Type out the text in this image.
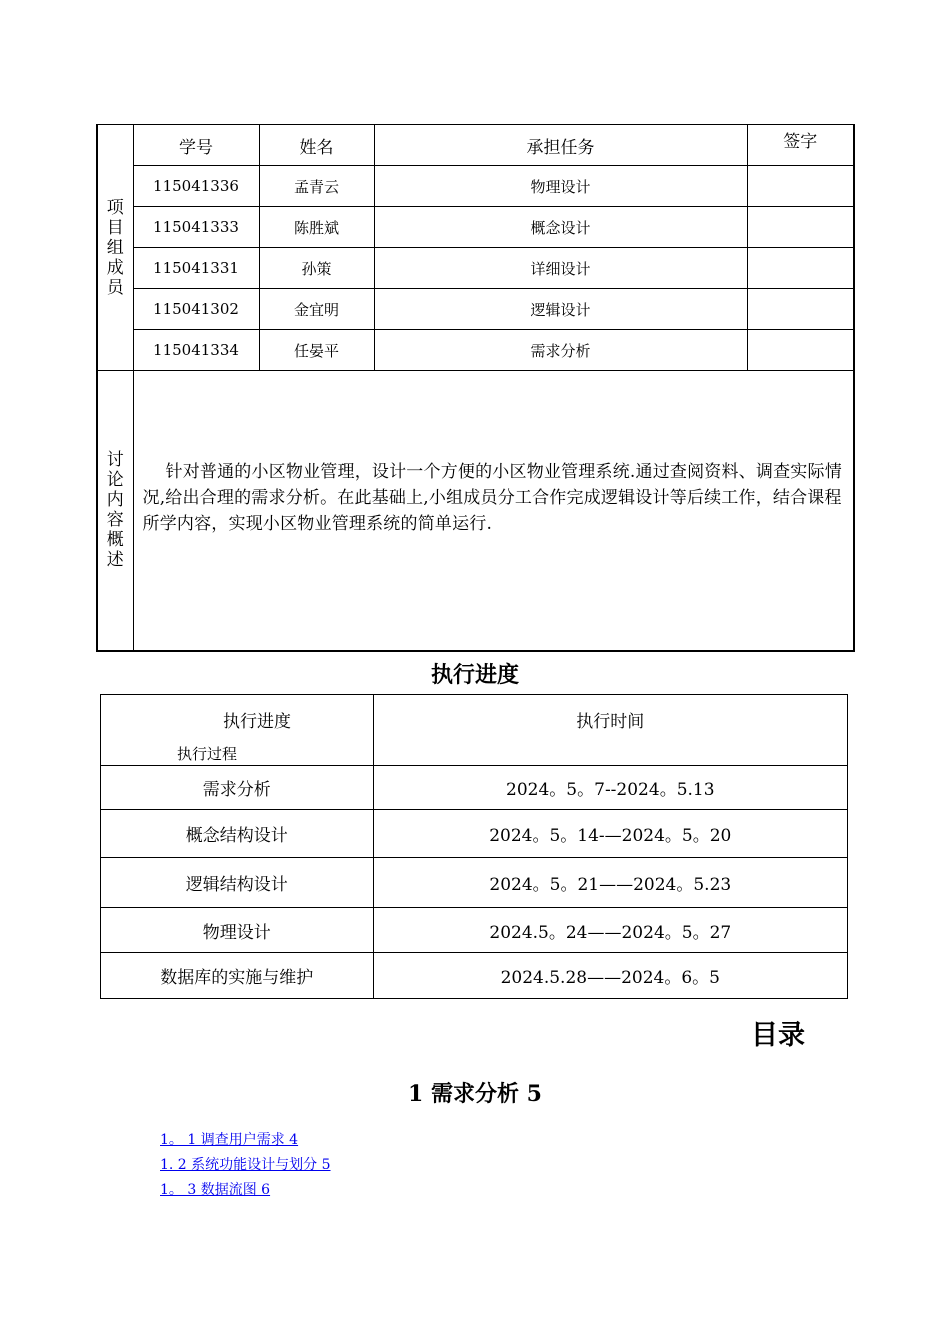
项目组成员	学号	姓名	承担任务	签字
	115041336	孟青云	物理设计	
	115041333	陈胜斌	概念设计	
	115041331	孙策	详细设计	
	115041302	金宜明	逻辑设计	
	115041334	任晏平	需求分析	
讨论内容概述	针对普通的小区物业管理，设计一个方便的小区物业管理系统.通过查阅资料、调查实际情况,给出合理的需求分析。在此基础上,小组成员分工合作完成逻辑设计等后续工作，结合课程所学内容，实现小区物业管理系统的简单运行.			

执行进度
执行进度
执行过程	执行时间
需求分析	2024。5。7--2024。5.13
概念结构设计	2024。5。14-—2024。5。20
逻辑结构设计	2024。5。21——2024。5.23
物理设计	2024.5。24——2024。5。27
数据库的实施与维护	2024.5.28——2024。6。5
目录
1 需求分析 5
1。 1 调查用户需求 4
1. 2 系统功能设计与划分 5
1。 3 数据流图 6
